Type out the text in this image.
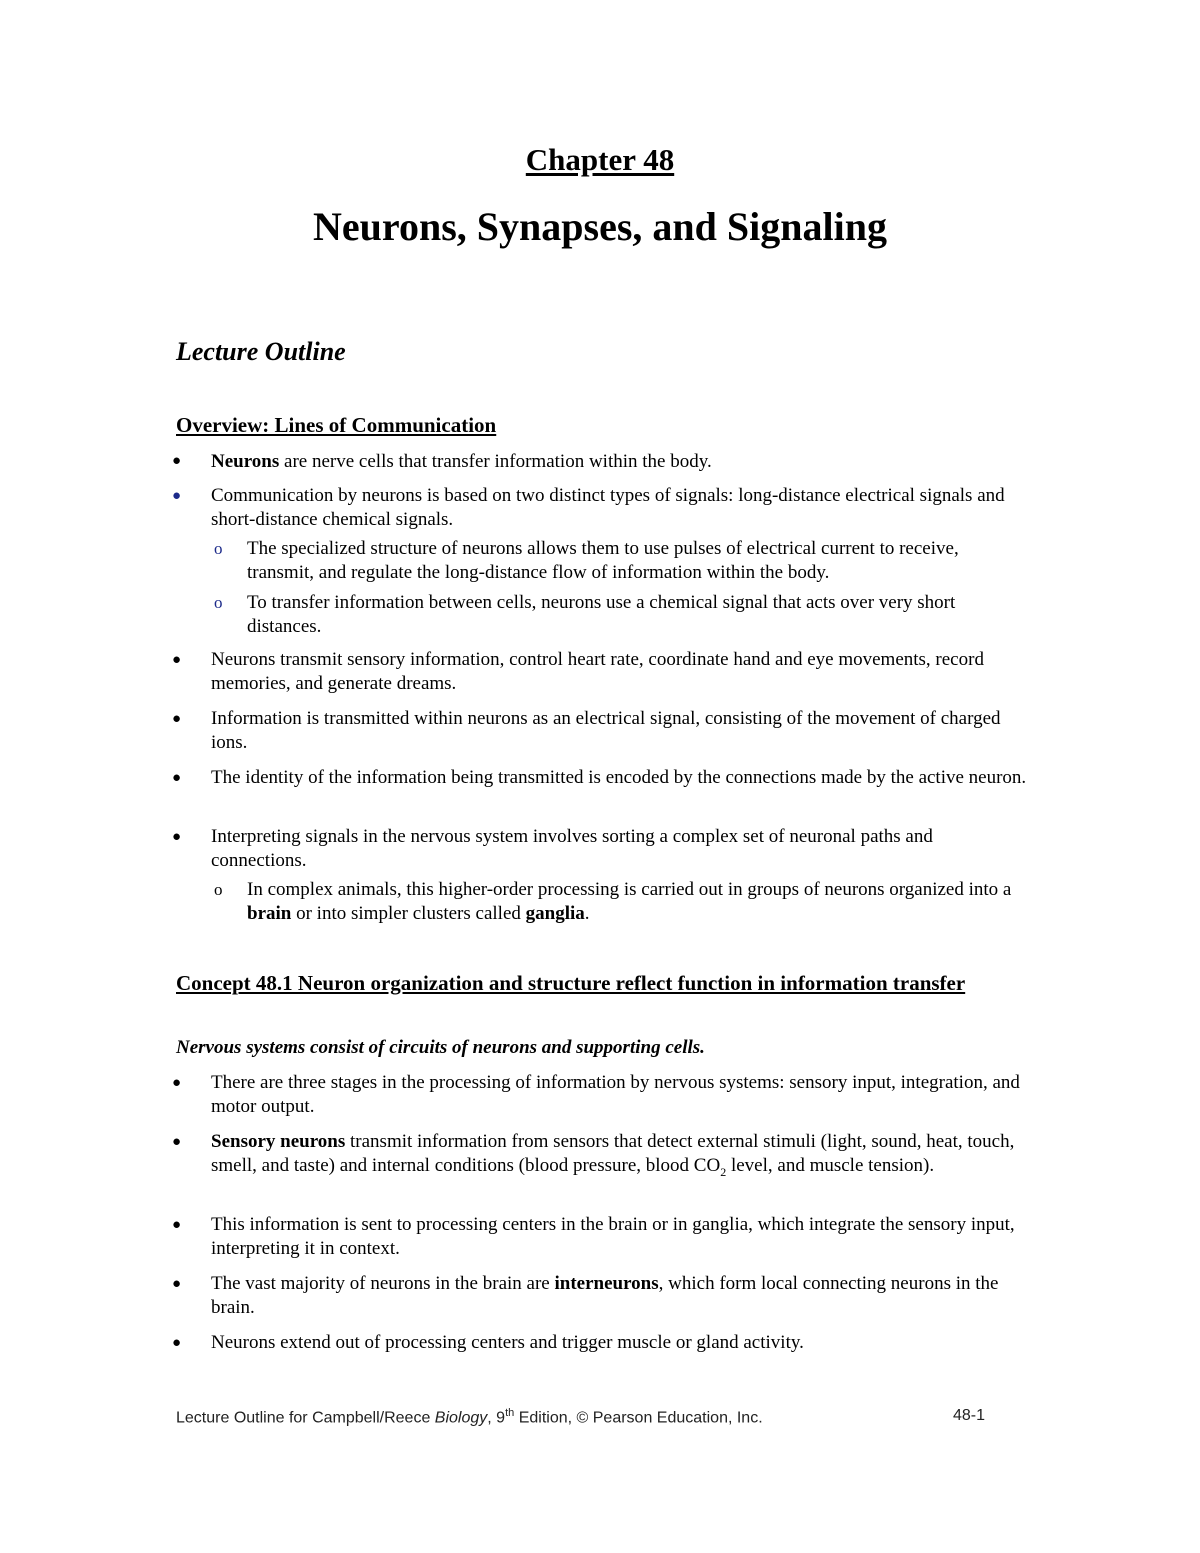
Chapter 48
Neurons, Synapses, and Signaling
Lecture Outline
Overview: Lines of Communication
● Neurons are nerve cells that transfer information within the body.
● Communication by neurons is based on two distinct types of signals: long-distance electrical signals and short-distance chemical signals.
o The specialized structure of neurons allows them to use pulses of electrical current to receive, transmit, and regulate the long-distance flow of information within the body.
o To transfer information between cells, neurons use a chemical signal that acts over very short distances.
● Neurons transmit sensory information, control heart rate, coordinate hand and eye movements, record memories, and generate dreams.
● Information is transmitted within neurons as an electrical signal, consisting of the movement of charged ions.
● The identity of the information being transmitted is encoded by the connections made by the active neuron.
● Interpreting signals in the nervous system involves sorting a complex set of neuronal paths and connections.
o In complex animals, this higher-order processing is carried out in groups of neurons organized into a brain or into simpler clusters called ganglia.
Concept 48.1 Neuron organization and structure reflect function in information transfer
Nervous systems consist of circuits of neurons and supporting cells.
● There are three stages in the processing of information by nervous systems: sensory input, integration, and motor output.
● Sensory neurons transmit information from sensors that detect external stimuli (light, sound, heat, touch, smell, and taste) and internal conditions (blood pressure, blood $CO_2$ level, and muscle tension).
● This information is sent to processing centers in the brain or in ganglia, which integrate the sensory input, interpreting it in context.
● The vast majority of neurons in the brain are interneurons, which form local connecting neurons in the brain.
● Neurons extend out of processing centers and trigger muscle or gland activity.
Lecture Outline for Campbell/Reece Biology, 9th Edition, © Pearson Education, Inc.	48-1
